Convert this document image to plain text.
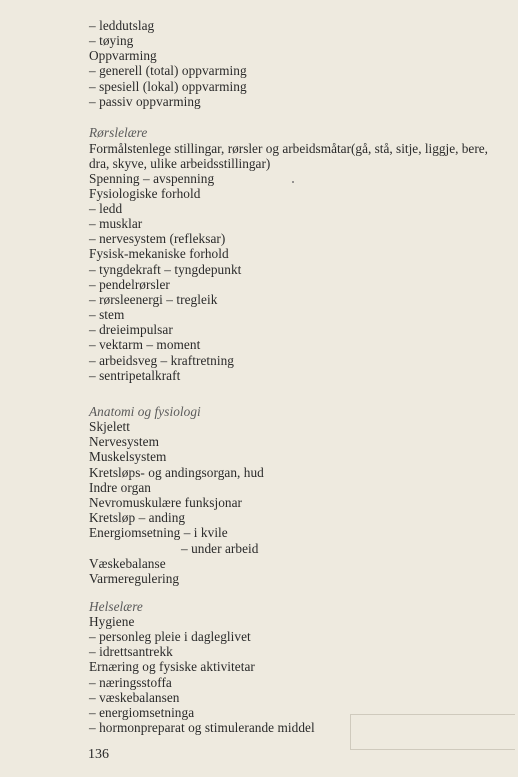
– leddutslag
– tøying
Oppvarming
– generell (total) oppvarming
– spesiell (lokal) oppvarming
– passiv oppvarming
Rørslelære
Formålstenlege stillingar, rørsler og arbeidsmåtar(gå, stå, sitje, liggje, bere, dra, skyve, ulike arbeidsstillingar)
Spenning – avspenning
Fysiologiske forhold
– ledd
– musklar
– nervesystem (refleksar)
Fysisk-mekaniske forhold
– tyngdekraft – tyngdepunkt
– pendelrørsler
– rørsleenergi – tregleik
– stem
– dreieimpulsar
– vektarm – moment
– arbeidsveg – kraftretning
– sentripetalkraft
Anatomi og fysiologi
Skjelett
Nervesystem
Muskelsystem
Kretsløps- og andingsorgan, hud
Indre organ
Nevromuskulære funksjonar
Kretsløp – anding
Energiomsetning – i kvile
– under arbeid
Væskebalanse
Varmeregulering
Helselære
Hygiene
– personleg pleie i dagleglivet
– idrettsantrekk
Ernæring og fysiske aktivitetar
– næringsstoffa
– væskebalansen
– energiomsetninga
– hormonpreparat og stimulerande middel
136
